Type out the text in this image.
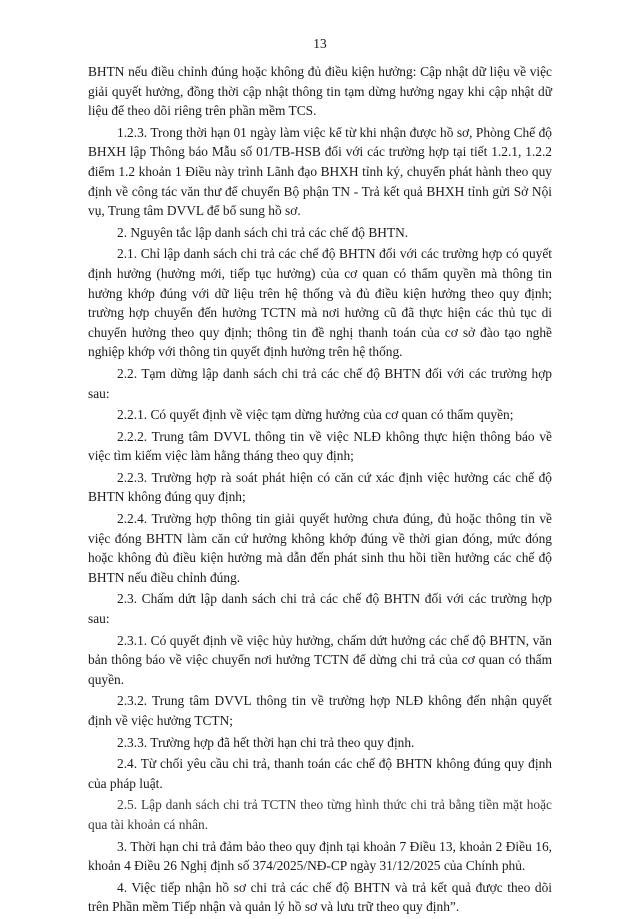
13

BHTN nếu điều chỉnh đúng hoặc không đủ điều kiện hưởng: Cập nhật dữ liệu về việc giải quyết hưởng, đồng thời cập nhật thông tin tạm dừng hưởng ngay khi cập nhật dữ liệu để theo dõi riêng trên phần mềm TCS.

1.2.3. Trong thời hạn 01 ngày làm việc kể từ khi nhận được hồ sơ, Phòng Chế độ BHXH lập Thông báo Mẫu số 01/TB-HSB đối với các trường hợp tại tiết 1.2.1, 1.2.2 điểm 1.2 khoản 1 Điều này trình Lãnh đạo BHXH tỉnh ký, chuyển phát hành theo quy định về công tác văn thư để chuyển Bộ phận TN - Trả kết quả BHXH tỉnh gửi Sở Nội vụ, Trung tâm DVVL để bổ sung hồ sơ.

2. Nguyên tắc lập danh sách chi trả các chế độ BHTN.

2.1. Chỉ lập danh sách chi trả các chế độ BHTN đối với các trường hợp có quyết định hưởng (hưởng mới, tiếp tục hưởng) của cơ quan có thẩm quyền mà thông tin hưởng khớp đúng với dữ liệu trên hệ thống và đủ điều kiện hưởng theo quy định; trường hợp chuyển đến hưởng TCTN mà nơi hưởng cũ đã thực hiện các thủ tục di chuyển hưởng theo quy định; thông tin đề nghị thanh toán của cơ sở đào tạo nghề nghiệp khớp với thông tin quyết định hưởng trên hệ thống.

2.2. Tạm dừng lập danh sách chi trả các chế độ BHTN đối với các trường hợp sau:

2.2.1. Có quyết định về việc tạm dừng hưởng của cơ quan có thẩm quyền;

2.2.2. Trung tâm DVVL thông tin về việc NLĐ không thực hiện thông báo về việc tìm kiếm việc làm hằng tháng theo quy định;

2.2.3. Trường hợp rà soát phát hiện có căn cứ xác định việc hưởng các chế độ BHTN không đúng quy định;

2.2.4. Trường hợp thông tin giải quyết hưởng chưa đúng, đủ hoặc thông tin về việc đóng BHTN làm căn cứ hưởng không khớp đúng về thời gian đóng, mức đóng hoặc không đủ điều kiện hưởng mà dẫn đến phát sinh thu hồi tiền hưởng các chế độ BHTN nếu điều chỉnh đúng.

2.3. Chấm dứt lập danh sách chi trả các chế độ BHTN đối với các trường hợp sau:

2.3.1. Có quyết định về việc hủy hưởng, chấm dứt hưởng các chế độ BHTN, văn bản thông báo về việc chuyển nơi hưởng TCTN để dừng chi trả của cơ quan có thẩm quyền.

2.3.2. Trung tâm DVVL thông tin về trường hợp NLĐ không đến nhận quyết định về việc hưởng TCTN;

2.3.3. Trường hợp đã hết thời hạn chi trả theo quy định.

2.4. Từ chối yêu cầu chi trả, thanh toán các chế độ BHTN không đúng quy định của pháp luật.

2.5. Lập danh sách chi trả TCTN theo từng hình thức chi trả bằng tiền mặt hoặc qua tài khoản cá nhân.

3. Thời hạn chi trả đảm bảo theo quy định tại khoản 7 Điều 13, khoản 2 Điều 16, khoản 4 Điều 26 Nghị định số 374/2025/NĐ-CP ngày 31/12/2025 của Chính phủ.

4. Việc tiếp nhận hồ sơ chi trả các chế độ BHTN và trả kết quả được theo dõi trên Phần mềm Tiếp nhận và quản lý hồ sơ và lưu trữ theo quy định”.
